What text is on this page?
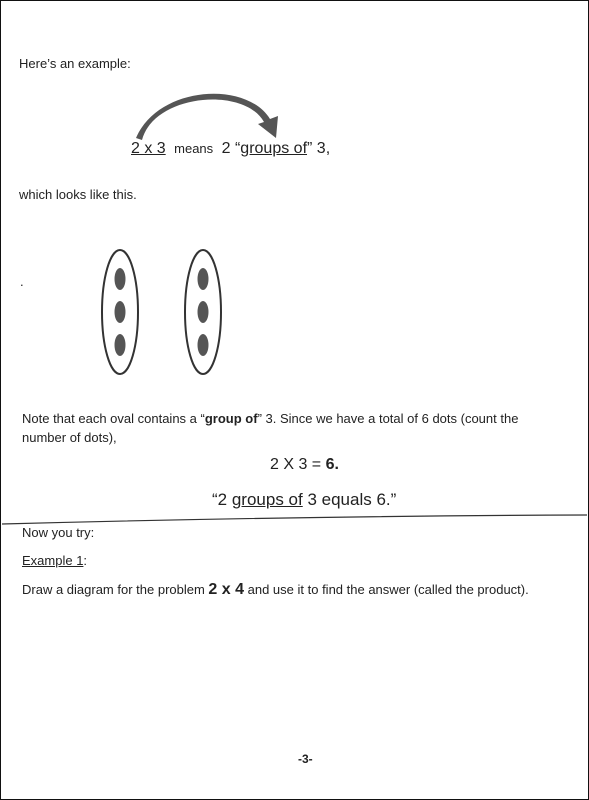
Here’s an example:
2 x 3 means 2 “groups of” 3,
which looks like this.
.
Note that each oval contains a “group of” 3. Since we have a total of 6 dots (count the
number of dots),
2 X 3 = 6.
“2 groups of 3 equals 6.”
Now you try:
Example 1:
Draw a diagram for the problem 2 x 4 and use it to find the answer (called the product).
-3-
